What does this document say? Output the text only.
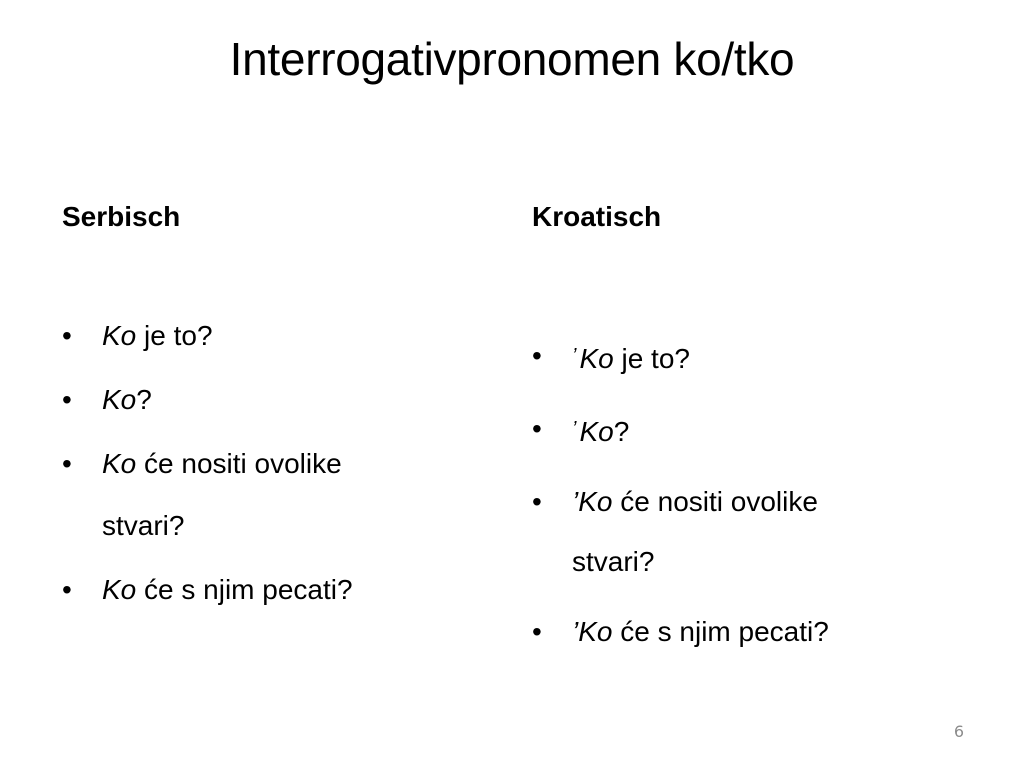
Interrogativpronomen ko/tko
Serbisch
•	Ko je to?
•	Ko?
•	Ko će nositi ovolike
stvari?
•	Ko će s njim pecati?
Kroatisch
•	’ Ko je to?
•	’ Ko?
•	’Ko će nositi ovolike
stvari?
•	’Ko će s njim pecati?
6
